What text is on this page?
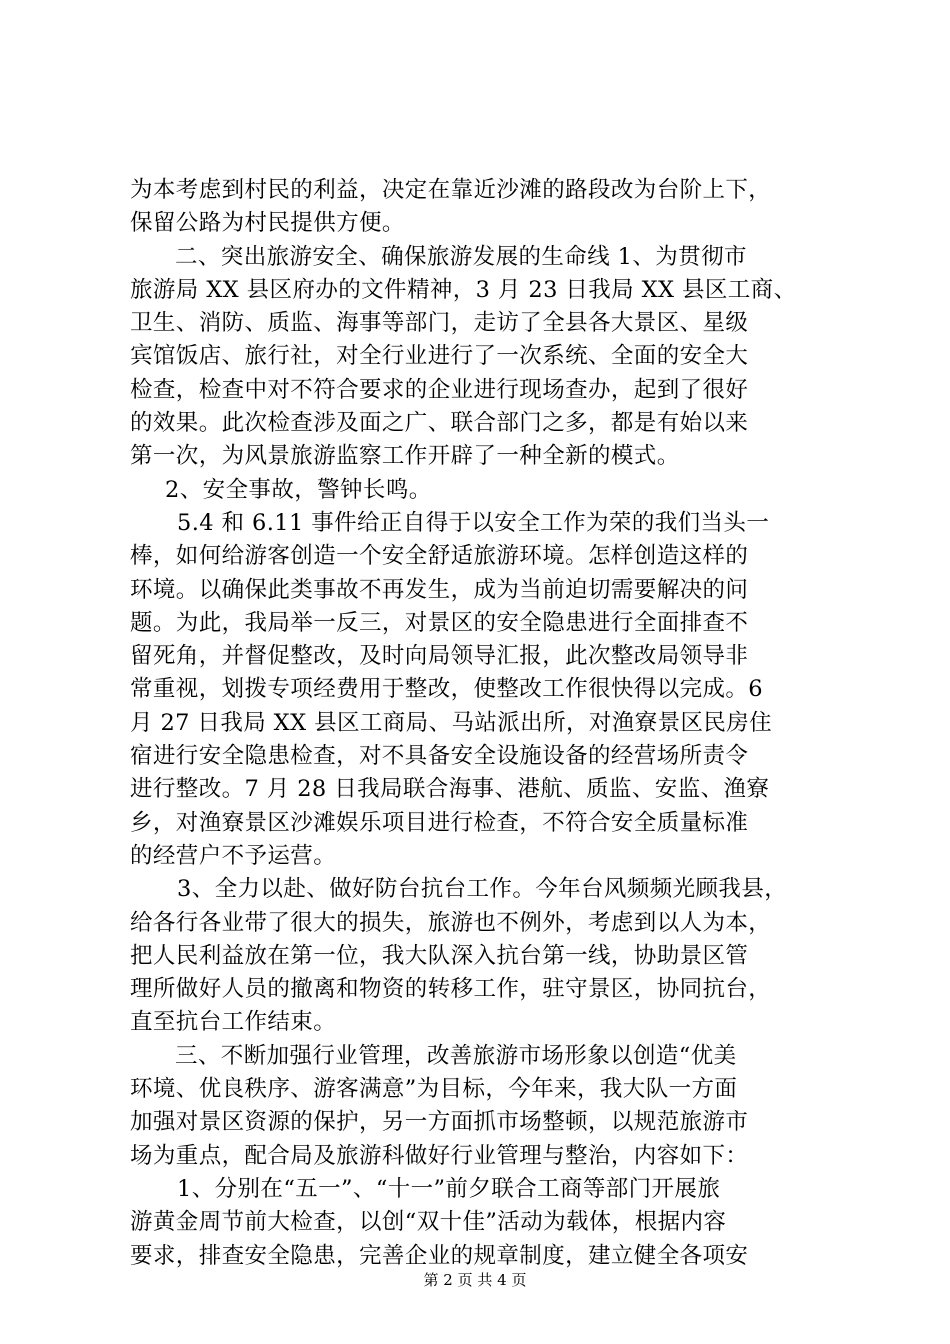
为本考虑到村民的利益，决定在靠近沙滩的路段改为台阶上下，
保留公路为村民提供方便。
二、突出旅游安全、确保旅游发展的生命线 1、为贯彻市
旅游局 XX 县区府办的文件精神，3 月 23 日我局 XX 县区工商、
卫生、消防、质监、海事等部门，走访了全县各大景区、星级
宾馆饭店、旅行社，对全行业进行了一次系统、全面的安全大
检查，检查中对不符合要求的企业进行现场查办，起到了很好
的效果。此次检查涉及面之广、联合部门之多，都是有始以来
第一次，为风景旅游监察工作开辟了一种全新的模式。
2、安全事故，警钟长鸣。
5.4 和 6.11 事件给正自得于以安全工作为荣的我们当头一
棒，如何给游客创造一个安全舒适旅游环境。怎样创造这样的
环境。以确保此类事故不再发生，成为当前迫切需要解决的问
题。为此，我局举一反三，对景区的安全隐患进行全面排查不
留死角，并督促整改，及时向局领导汇报，此次整改局领导非
常重视，划拨专项经费用于整改，使整改工作很快得以完成。6
月 27 日我局 XX 县区工商局、马站派出所，对渔寮景区民房住
宿进行安全隐患检查，对不具备安全设施设备的经营场所责令
进行整改。7 月 28 日我局联合海事、港航、质监、安监、渔寮
乡，对渔寮景区沙滩娱乐项目进行检查，不符合安全质量标准
的经营户不予运营。
3、全力以赴、做好防台抗台工作。今年台风频频光顾我县，
给各行各业带了很大的损失，旅游也不例外，考虑到以人为本，
把人民利益放在第一位，我大队深入抗台第一线，协助景区管
理所做好人员的撤离和物资的转移工作，驻守景区，协同抗台，
直至抗台工作结束。
三、不断加强行业管理，改善旅游市场形象以创造“优美
环境、优良秩序、游客满意”为目标，今年来，我大队一方面
加强对景区资源的保护，另一方面抓市场整顿，以规范旅游市
场为重点，配合局及旅游科做好行业管理与整治，内容如下：
1、分别在“五一”、“十一”前夕联合工商等部门开展旅
游黄金周节前大检查，以创“双十佳”活动为载体，根据内容
要求，排查安全隐患，完善企业的规章制度，建立健全各项安
第 2 页 共 4 页
